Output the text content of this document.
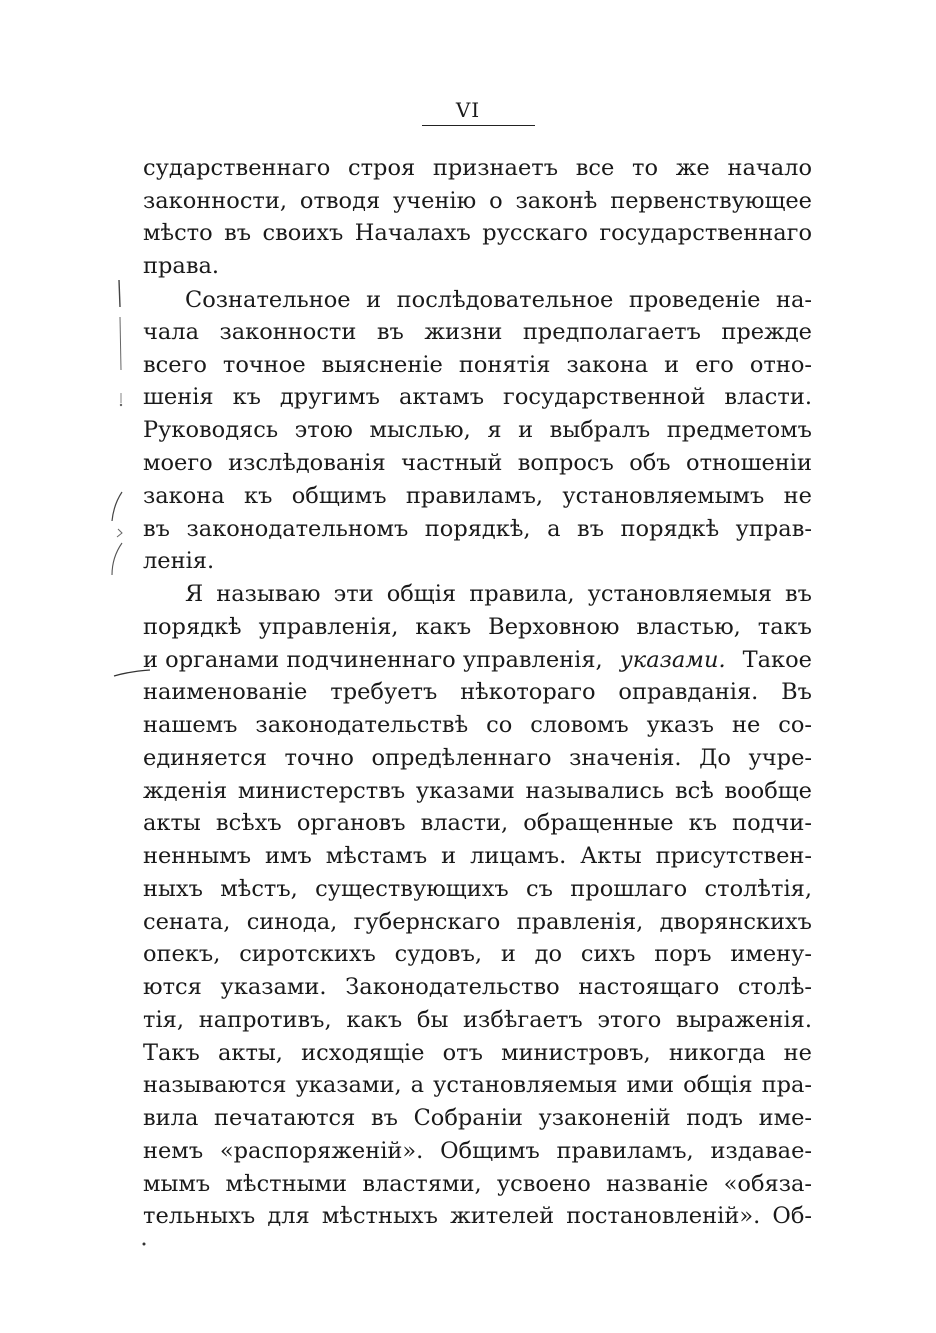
VI
сударственнаго строя признаетъ все то же начало
законности, отводя ученію о законѣ первенствующее
мѣсто въ своихъ Началахъ русскаго государственнаго
права.
Сознательное и послѣдовательное проведеніе на-
чала законности въ жизни предполагаетъ прежде
всего точное выясненіе понятія закона и его отно-
шенія къ другимъ актамъ государственной власти.
Руководясь этою мыслью, я и выбралъ предметомъ
моего изслѣдованія частный вопросъ объ отношеніи
закона къ общимъ правиламъ, установляемымъ не
въ законодательномъ порядкѣ, а въ порядкѣ управ-
ленія.
Я называю эти общія правила, установляемыя въ
порядкѣ управленія, какъ Верховною властью, такъ
и органами подчиненнаго управленія, указами. Такое
наименованіе требуетъ нѣкотораго оправданія. Въ
нашемъ законодательствѣ со словомъ указъ не со-
единяется точно опредѣленнаго значенія. До учре-
жденія министерствъ указами назывались всѣ вообще
акты всѣхъ органовъ власти, обращенные къ подчи-
неннымъ имъ мѣстамъ и лицамъ. Акты присутствен-
ныхъ мѣстъ, существующихъ съ прошлаго столѣтія,
сената, синода, губернскаго правленія, дворянскихъ
опекъ, сиротскихъ судовъ, и до сихъ поръ имену-
ются указами. Законодательство настоящаго столѣ-
тія, напротивъ, какъ бы избѣгаетъ этого выраженія.
Такъ акты, исходящіе отъ министровъ, никогда не
называются указами, а установляемыя ими общія пра-
вила печатаются въ Собраніи узаконеній подъ име-
немъ «распоряженій». Общимъ правиламъ, издавае-
мымъ мѣстными властями, усвоено названіе «обяза-
тельныхъ для мѣстныхъ жителей постановленій». Об-
